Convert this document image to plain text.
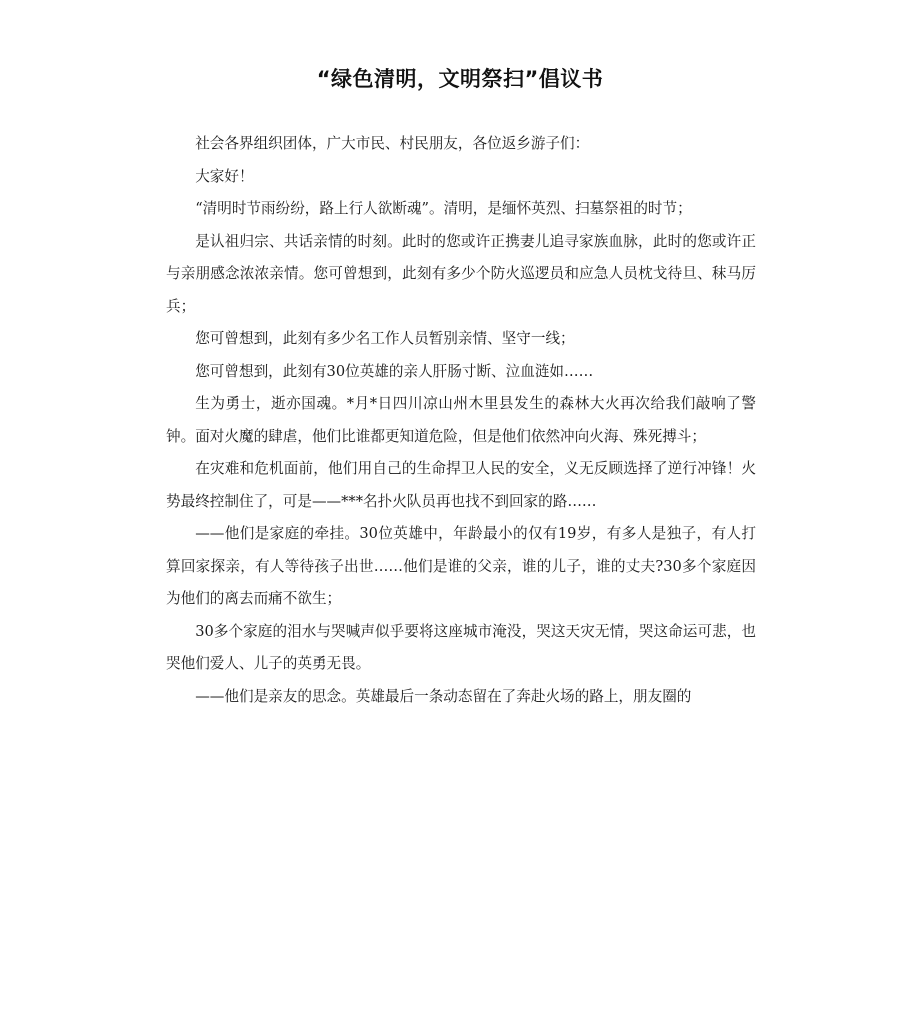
“绿色清明，文明祭扫”倡议书

社会各界组织团体，广大市民、村民朋友，各位返乡游子们：

大家好！

“清明时节雨纷纷，路上行人欲断魂”。清明，是缅怀英烈、扫墓祭祖的时节；

是认祖归宗、共话亲情的时刻。此时的您或许正携妻儿追寻家族血脉，此时的您或许正与亲朋感念浓浓亲情。您可曾想到，此刻有多少个防火巡逻员和应急人员枕戈待旦、秣马厉兵；

您可曾想到，此刻有多少名工作人员暂别亲情、坚守一线；

您可曾想到，此刻有30位英雄的亲人肝肠寸断、泣血涟如……

生为勇士，逝亦国魂。*月*日四川凉山州木里县发生的森林大火再次给我们敲响了警钟。面对火魔的肆虐，他们比谁都更知道危险，但是他们依然冲向火海、殊死搏斗；

在灾难和危机面前，他们用自己的生命捍卫人民的安全，义无反顾选择了逆行冲锋！火势最终控制住了，可是——***名扑火队员再也找不到回家的路……

——他们是家庭的牵挂。30位英雄中，年龄最小的仅有19岁，有多人是独子，有人打算回家探亲，有人等待孩子出世……他们是谁的父亲，谁的儿子，谁的丈夫?30多个家庭因为他们的离去而痛不欲生；

30多个家庭的泪水与哭喊声似乎要将这座城市淹没，哭这天灾无情，哭这命运可悲，也哭他们爱人、儿子的英勇无畏。

——他们是亲友的思念。英雄最后一条动态留在了奔赴火场的路上，朋友圈的
